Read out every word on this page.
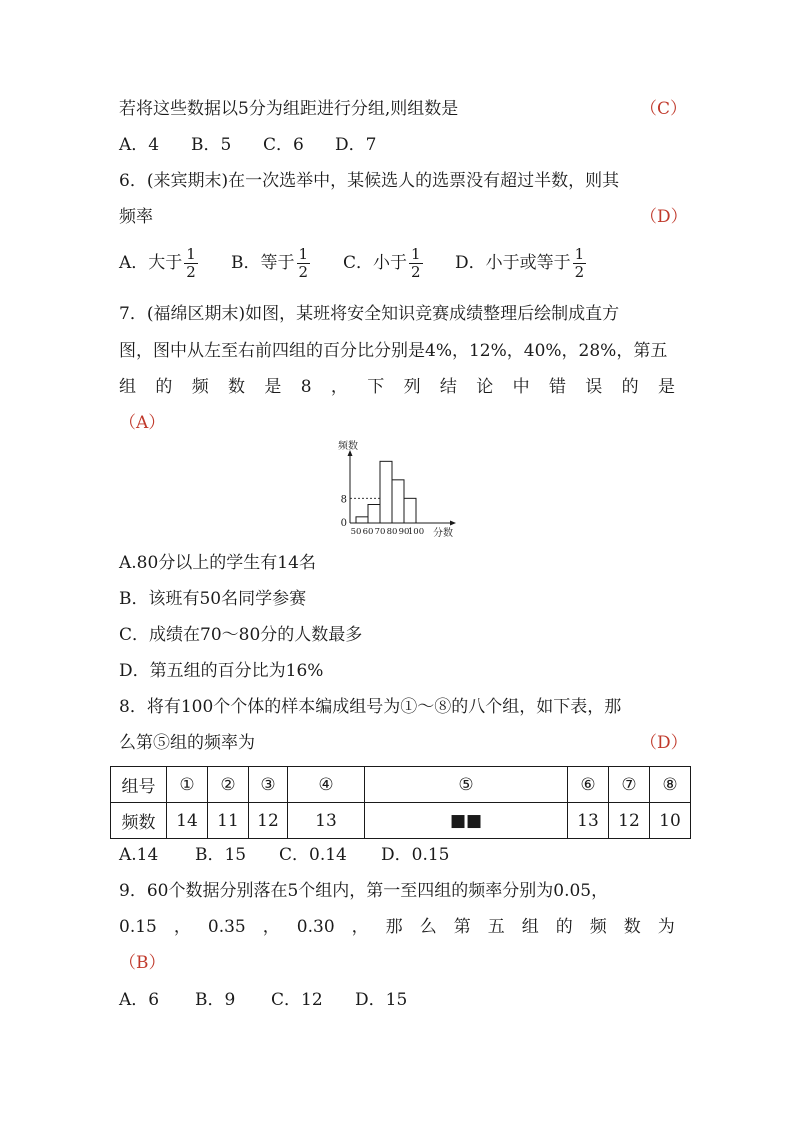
若将这些数据以5分为组距进行分组,则组数是	（C）
A．4 B．5 C．6 D．7
6．(来宾期末)在一次选举中，某候选人的选票没有超过半数，则其
频率	（D）
A．大于 $\frac{1}{2}$ B．等于 $\frac{1}{2}$ C．小于 $\frac{1}{2}$ D．小于或等于 $\frac{1}{2}$
7．(福绵区期末)如图，某班将安全知识竞赛成绩整理后绘制成直方
图，图中从左至右前四组的百分比分别是4%，12%，40%，28%，第五
组 的 频 数 是 8 ， 下 列 结 论 中 错 误 的 是
（A）
8
0
50 60 70 80 90
100
频数
分数
A.80分以上的学生有14名
B．该班有50名同学参赛
C．成绩在70～80分的人数最多
D．第五组的百分比为16%
8．将有100个个体的样本编成组号为①～⑧的八个组，如下表，那
么第⑤组的频率为	（D）
组号	①	②	③	④	⑤	⑥	⑦	⑧
频数	14	11	12	13	■■	13	12	10
A.14 B．15 C．0.14 D．0.15
9．60个数据分别落在5个组内，第一至四组的频率分别为0.05，
0.15 ， 0.35 ， 0.30 ， 那 么 第 五 组 的 频 数 为
（B）
A．6 B．9 C．12 D．15
